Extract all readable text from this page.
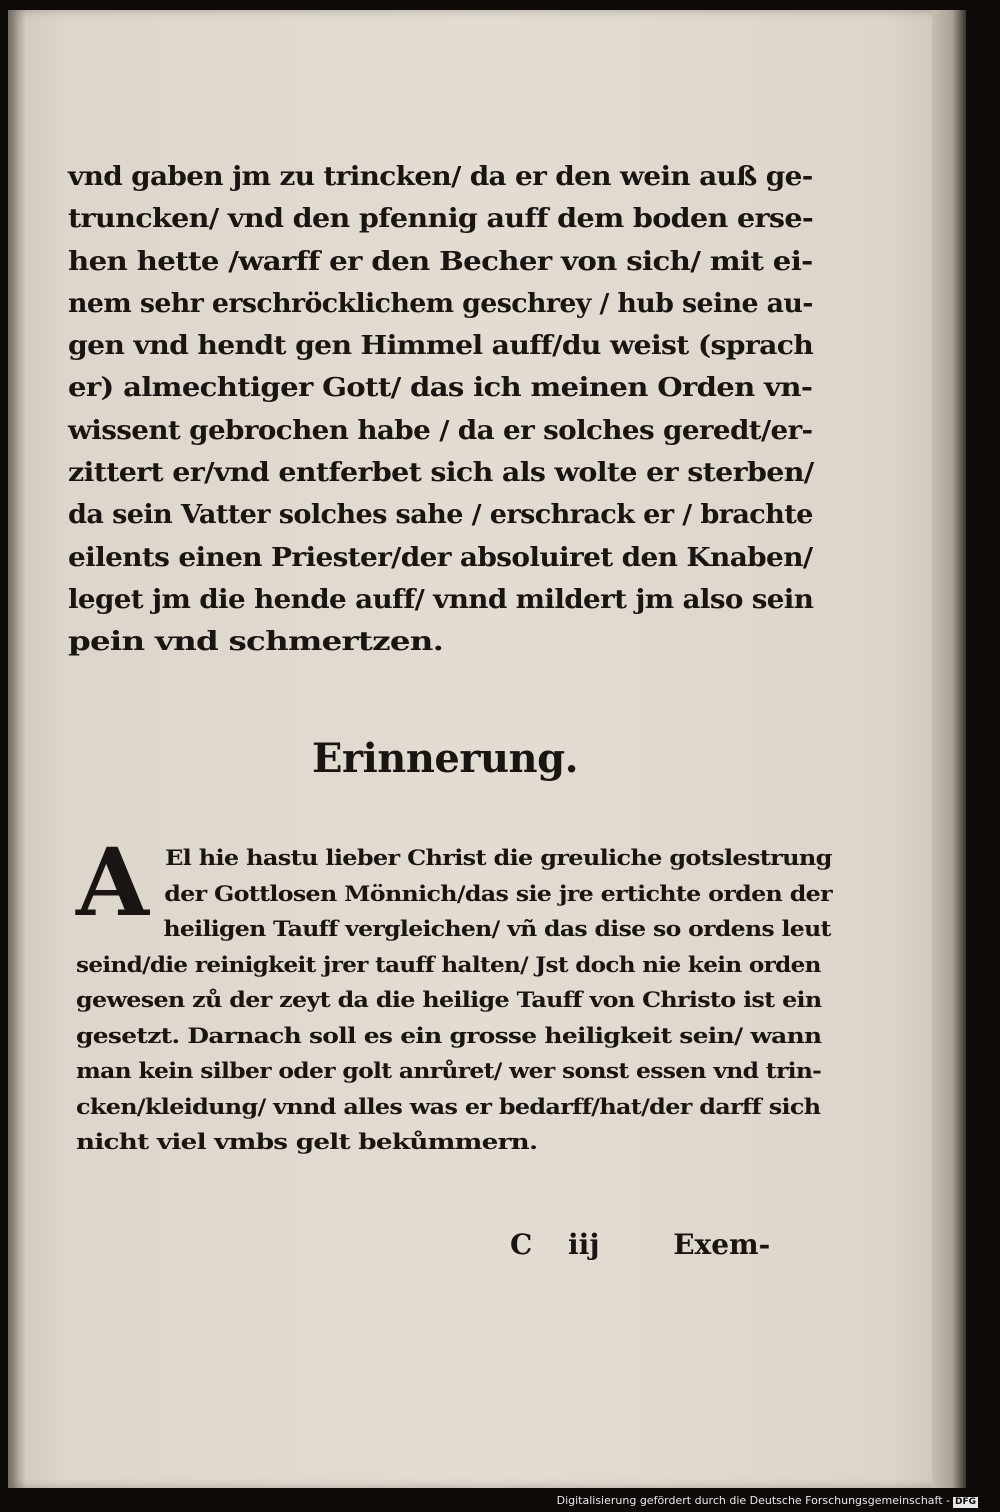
vnd gaben jm zu trincken/ da er den wein auß ge-
truncken/ vnd den pfennig auff dem boden erse-
hen hette /warff er den Becher von sich/ mit ei-
nem sehr erschröcklichem geschrey / hub seine au-
gen vnd hendt gen Himmel auff/du weist (sprach
er) almechtiger Gott/ das ich meinen Orden vn-
wissent gebrochen habe / da er solches geredt/er-
zittert er/vnd entferbet sich als wolte er sterben/
da sein Vatter solches sahe / erschrack er / brachte
eilents einen Priester/der absoluiret den Knaben/
leget jm die hende auff/ vnnd mildert jm also sein
pein vnd schmertzen.
Erinnerung.
A El hie hastu lieber Christ die greuliche gotslestrung
der Gottlosen Mönnich/das sie jre ertichte orden der
heiligen Tauff vergleichen/ vñ das dise so ordens leut
seind/die reinigkeit jrer tauff halten/ Jst doch nie kein orden
gewesen zů der zeyt da die heilige Tauff von Christo ist ein
gesetzt. Darnach soll es ein grosse heiligkeit sein/ wann
man kein silber oder golt anrůret/ wer sonst essen vnd trin-
cken/kleidung/ vnnd alles was er bedarff/hat/der darff sich
nicht viel vmbs gelt bekůmmern.
C iij	Exem-
Digitalisierung gefördert durch die Deutsche Forschungsgemeinschaft - DFG
